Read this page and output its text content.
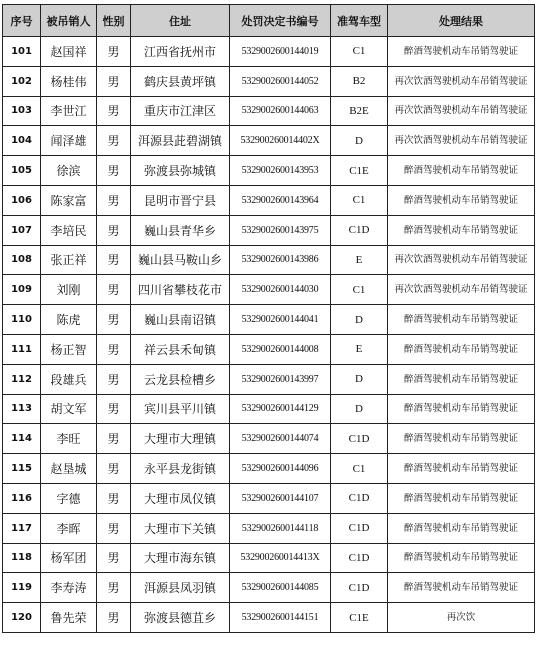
序号	被吊销人	性别	住址	处罚决定书编号	准驾车型	处理结果
101	赵国祥	男	江西省抚州市	5329002600144019	C1	醉酒驾驶机动车吊销驾驶证
102	杨桂伟	男	鹤庆县黄坪镇	5329002600144052	B2	再次饮酒驾驶机动车吊销驾驶证
103	李世江	男	重庆市江津区	5329002600144063	B2E	再次饮酒驾驶机动车吊销驾驶证
104	闻泽雄	男	洱源县茈碧湖镇	532900260014402X	D	再次饮酒驾驶机动车吊销驾驶证
105	徐滨	男	弥渡县弥城镇	5329002600143953	C1E	醉酒驾驶机动车吊销驾驶证
106	陈家富	男	昆明市晋宁县	5329002600143964	C1	醉酒驾驶机动车吊销驾驶证
107	李培民	男	巍山县青华乡	5329002600143975	C1D	醉酒驾驶机动车吊销驾驶证
108	张正祥	男	巍山县马鞍山乡	5329002600143986	E	再次饮酒驾驶机动车吊销驾驶证
109	刘刚	男	四川省攀枝花市	5329002600144030	C1	再次饮酒驾驶机动车吊销驾驶证
110	陈虎	男	巍山县南诏镇	5329002600144041	D	醉酒驾驶机动车吊销驾驶证
111	杨正智	男	祥云县禾甸镇	5329002600144008	E	醉酒驾驶机动车吊销驾驶证
112	段雄兵	男	云龙县检槽乡	5329002600143997	D	醉酒驾驶机动车吊销驾驶证
113	胡文军	男	宾川县平川镇	5329002600144129	D	醉酒驾驶机动车吊销驾驶证
114	李旺	男	大理市大理镇	5329002600144074	C1D	醉酒驾驶机动车吊销驾驶证
115	赵垦城	男	永平县龙街镇	5329002600144096	C1	醉酒驾驶机动车吊销驾驶证
116	字德	男	大理市凤仪镇	5329002600144107	C1D	醉酒驾驶机动车吊销驾驶证
117	李晖	男	大理市下关镇	5329002600144118	C1D	醉酒驾驶机动车吊销驾驶证
118	杨军团	男	大理市海东镇	532900260014413X	C1D	醉酒驾驶机动车吊销驾驶证
119	李寿涛	男	洱源县凤羽镇	5329002600144085	C1D	醉酒驾驶机动车吊销驾驶证
120	鲁先荣	男	弥渡县德苴乡	5329002600144151	C1E	再次饮
